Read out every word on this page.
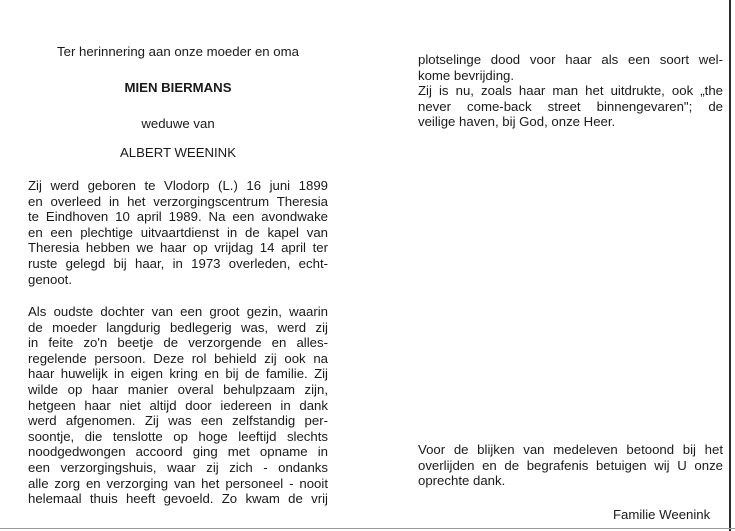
Ter herinnering aan onze moeder en oma

MIEN BIERMANS

weduwe van

ALBERT WEENINK

Zij werd geboren te Vlodorp (L.) 16 juni 1899
en overleed in het verzorgingscentrum Theresia
te Eindhoven 10 april 1989. Na een avondwake
en een plechtige uitvaartdienst in de kapel van
Theresia hebben we haar op vrijdag 14 april ter
ruste gelegd bij haar, in 1973 overleden, echt-
genoot.
Als oudste dochter van een groot gezin, waarin
de moeder langdurig bedlegerig was, werd zij
in feite zo'n beetje de verzorgende en alles-
regelende persoon. Deze rol behield zij ook na
haar huwelijk in eigen kring en bij de familie. Zij
wilde op haar manier overal behulpzaam zijn,
hetgeen haar niet altijd door iedereen in dank
werd afgenomen. Zij was een zelfstandig per-
soontje, die tenslotte op hoge leeftijd slechts
noodgedwongen accoord ging met opname in
een verzorgingshuis, waar zij zich - ondanks
alle zorg en verzorging van het personeel - nooit
helemaal thuis heeft gevoeld. Zo kwam de vrij
plotselinge dood voor haar als een soort wel-
kome bevrijding.
Zij is nu, zoals haar man het uitdrukte, ook „the
never come-back street binnengevaren"; de
veilige haven, bij God, onze Heer.
Voor de blijken van medeleven betoond bij het
overlijden en de begrafenis betuigen wij U onze
oprechte dank.

Familie Weenink
